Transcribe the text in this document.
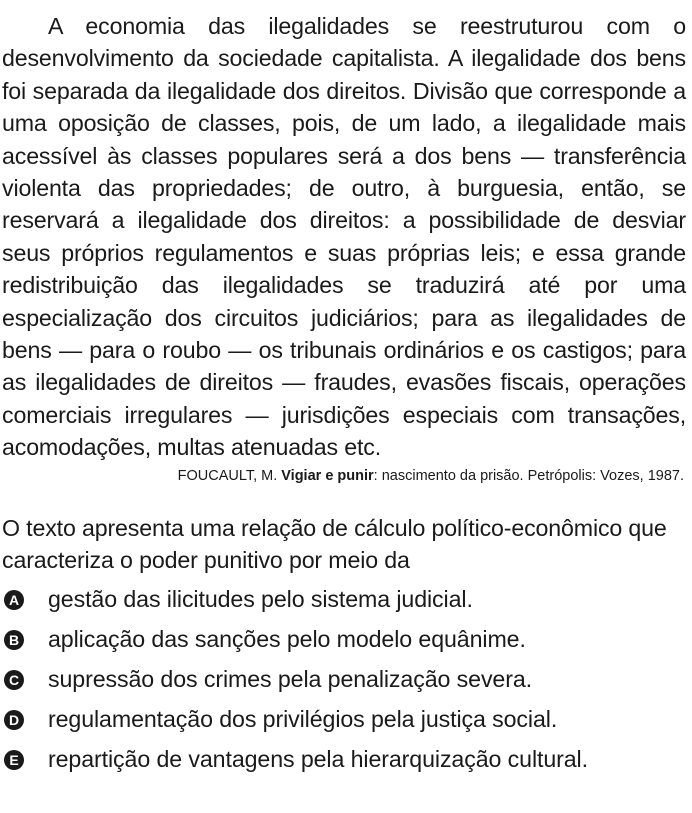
A economia das ilegalidades se reestruturou com o desenvolvimento da sociedade capitalista. A ilegalidade dos bens foi separada da ilegalidade dos direitos. Divisão que corresponde a uma oposição de classes, pois, de um lado, a ilegalidade mais acessível às classes populares será a dos bens — transferência violenta das propriedades; de outro, à burguesia, então, se reservará a ilegalidade dos direitos: a possibilidade de desviar seus próprios regulamentos e suas próprias leis; e essa grande redistribuição das ilegalidades se traduzirá até por uma especialização dos circuitos judiciários; para as ilegalidades de bens — para o roubo — os tribunais ordinários e os castigos; para as ilegalidades de direitos — fraudes, evasões fiscais, operações comerciais irregulares — jurisdições especiais com transações, acomodações, multas atenuadas etc.

FOUCAULT, M. Vigiar e punir: nascimento da prisão. Petrópolis: Vozes, 1987.

O texto apresenta uma relação de cálculo político-econômico que caracteriza o poder punitivo por meio da

A gestão das ilicitudes pelo sistema judicial.
B aplicação das sanções pelo modelo equânime.
C supressão dos crimes pela penalização severa.
D regulamentação dos privilégios pela justiça social.
E repartição de vantagens pela hierarquização cultural.
